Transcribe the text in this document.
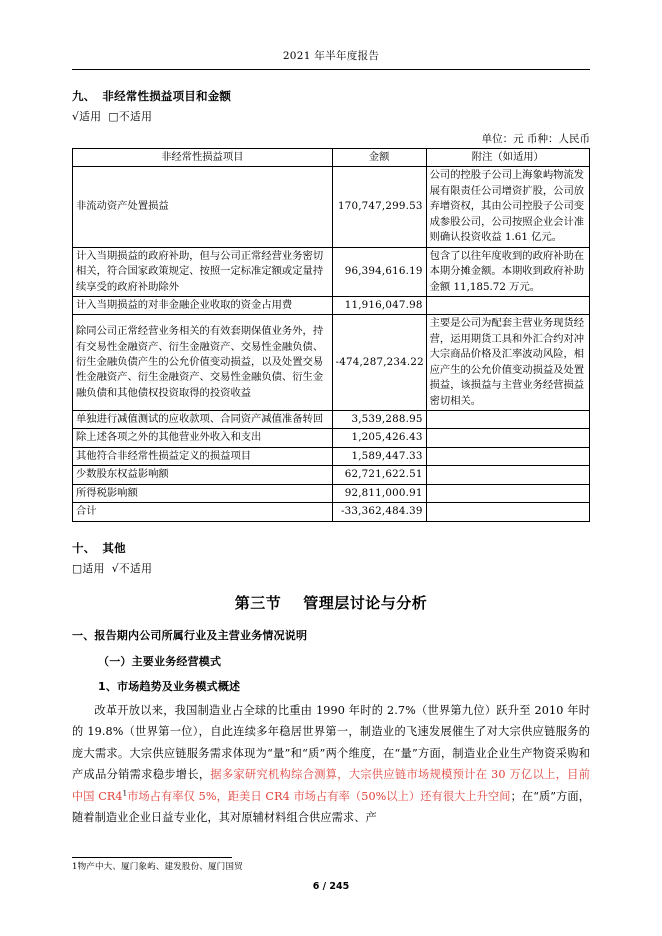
2021 年半年度报告
九、 非经常性损益项目和金额
√适用 □不适用
单位：元 币种：人民币
非经常性损益项目	金额	附注（如适用）
非流动资产处置损益	170,747,299.53	公司的控股子公司上海象屿物流发展有限责任公司增资扩股，公司放弃增资权，其由公司控股子公司变成参股公司，公司按照企业会计准则确认投资收益 1.61 亿元。
计入当期损益的政府补助，但与公司正常经营业务密切相关，符合国家政策规定、按照一定标准定额或定量持续享受的政府补助除外	96,394,616.19	包含了以往年度收到的政府补助在本期分摊金额。本期收到政府补助金额 11,185.72 万元。
计入当期损益的对非金融企业收取的资金占用费	11,916,047.98	
除同公司正常经营业务相关的有效套期保值业务外，持有交易性金融资产、衍生金融资产、交易性金融负债、衍生金融负债产生的公允价值变动损益，以及处置交易性金融资产、衍生金融资产、交易性金融负债、衍生金融负债和其他债权投资取得的投资收益	-474,287,234.22	主要是公司为配套主营业务现货经营，运用期货工具和外汇合约对冲大宗商品价格及汇率波动风险，相应产生的公允价值变动损益及处置损益，该损益与主营业务经营损益密切相关。
单独进行减值测试的应收款项、合同资产减值准备转回	3,539,288.95	
除上述各项之外的其他营业外收入和支出	1,205,426.43	
其他符合非经常性损益定义的损益项目	1,589,447.33	
少数股东权益影响额	62,721,622.51	
所得税影响额	92,811,000.91	
合计	-33,362,484.39	
十、 其他
□适用 √不适用
第三节 管理层讨论与分析
一、报告期内公司所属行业及主营业务情况说明
（一）主要业务经营模式
1、市场趋势及业务模式概述

改革开放以来，我国制造业占全球的比重由 1990 年时的 2.7%（世界第九位）跃升至 2010 年时的 19.8%（世界第一位），自此连续多年稳居世界第一，制造业的飞速发展催生了对大宗供应链服务的庞大需求。大宗供应链服务需求体现为“量”和“质”两个维度，在“量”方面，制造业企业生产物资采购和产成品分销需求稳步增长，据多家研究机构综合测算，大宗供应链市场规模预计在 30 万亿以上，目前中国 CR4$^1$市场占有率仅 5%，距美日 CR4 市场占有率（50%以上）还有很大上升空间；在“质”方面，随着制造业企业日益专业化，其对原辅材料组合供应需求、产

1物产中大、厦门象屿、建发股份、厦门国贸
6 / 245
